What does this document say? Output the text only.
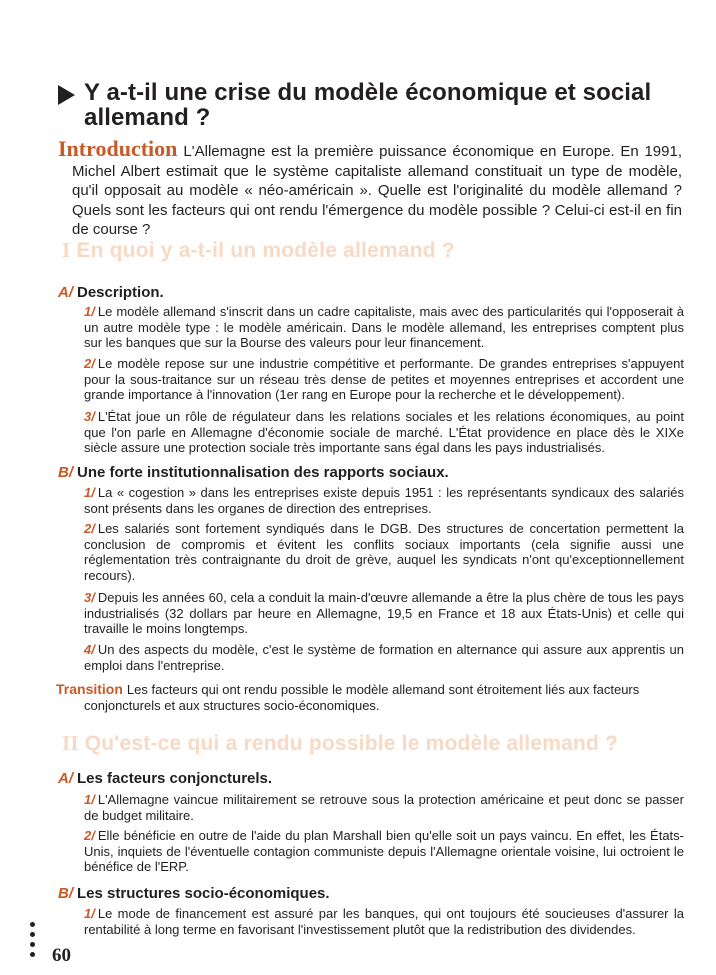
Y a-t-il une crise du modèle économique et social allemand ?

Introduction L'Allemagne est la première puissance économique en Europe. En 1991, Michel Albert estimait que le système capitaliste allemand constituait un type de modèle, qu'il opposait au modèle « néo-américain ». Quelle est l'originalité du modèle allemand ? Quels sont les facteurs qui ont rendu l'émergence du modèle possible ? Celui-ci est-il en fin de course ?

I En quoi y a-t-il un modèle allemand ?
A/ Description.
1/ Le modèle allemand s'inscrit dans un cadre capitaliste, mais avec des particularités qui l'opposerait à un autre modèle type : le modèle américain. Dans le modèle allemand, les entreprises comptent plus sur les banques que sur la Bourse des valeurs pour leur financement.
2/ Le modèle repose sur une industrie compétitive et performante. De grandes entreprises s'appuyent pour la sous-traitance sur un réseau très dense de petites et moyennes entreprises et accordent une grande importance à l'innovation (1er rang en Europe pour la recherche et le développement).
3/ L'État joue un rôle de régulateur dans les relations sociales et les relations économiques, au point que l'on parle en Allemagne d'économie sociale de marché. L'État providence en place dès le XIXe siècle assure une protection sociale très importante sans égal dans les pays industrialisés.
B/ Une forte institutionnalisation des rapports sociaux.
1/ La « cogestion » dans les entreprises existe depuis 1951 : les représentants syndicaux des salariés sont présents dans les organes de direction des entreprises.
2/ Les salariés sont fortement syndiqués dans le DGB. Des structures de concertation permettent la conclusion de compromis et évitent les conflits sociaux importants (cela signifie aussi une réglementation très contraignante du droit de grève, auquel les syndicats n'ont qu'exceptionnellement recours).
3/ Depuis les années 60, cela a conduit la main-d'œuvre allemande a être la plus chère de tous les pays industrialisés (32 dollars par heure en Allemagne, 19,5 en France et 18 aux États-Unis) et celle qui travaille le moins longtemps.
4/ Un des aspects du modèle, c'est le système de formation en alternance qui assure aux apprentis un emploi dans l'entreprise.
Transition Les facteurs qui ont rendu possible le modèle allemand sont étroitement liés aux facteurs conjoncturels et aux structures socio-économiques.
II Qu'est-ce qui a rendu possible le modèle allemand ?
A/ Les facteurs conjoncturels.
1/ L'Allemagne vaincue militairement se retrouve sous la protection américaine et peut donc se passer de budget militaire.
2/ Elle bénéficie en outre de l'aide du plan Marshall bien qu'elle soit un pays vaincu. En effet, les États-Unis, inquiets de l'éventuelle contagion communiste depuis l'Allemagne orientale voisine, lui octroient le bénéfice de l'ERP.
B/ Les structures socio-économiques.
1/ Le mode de financement est assuré par les banques, qui ont toujours été soucieuses d'assurer la rentabilité à long terme en favorisant l'investissement plutôt que la redistribution des dividendes.
60
